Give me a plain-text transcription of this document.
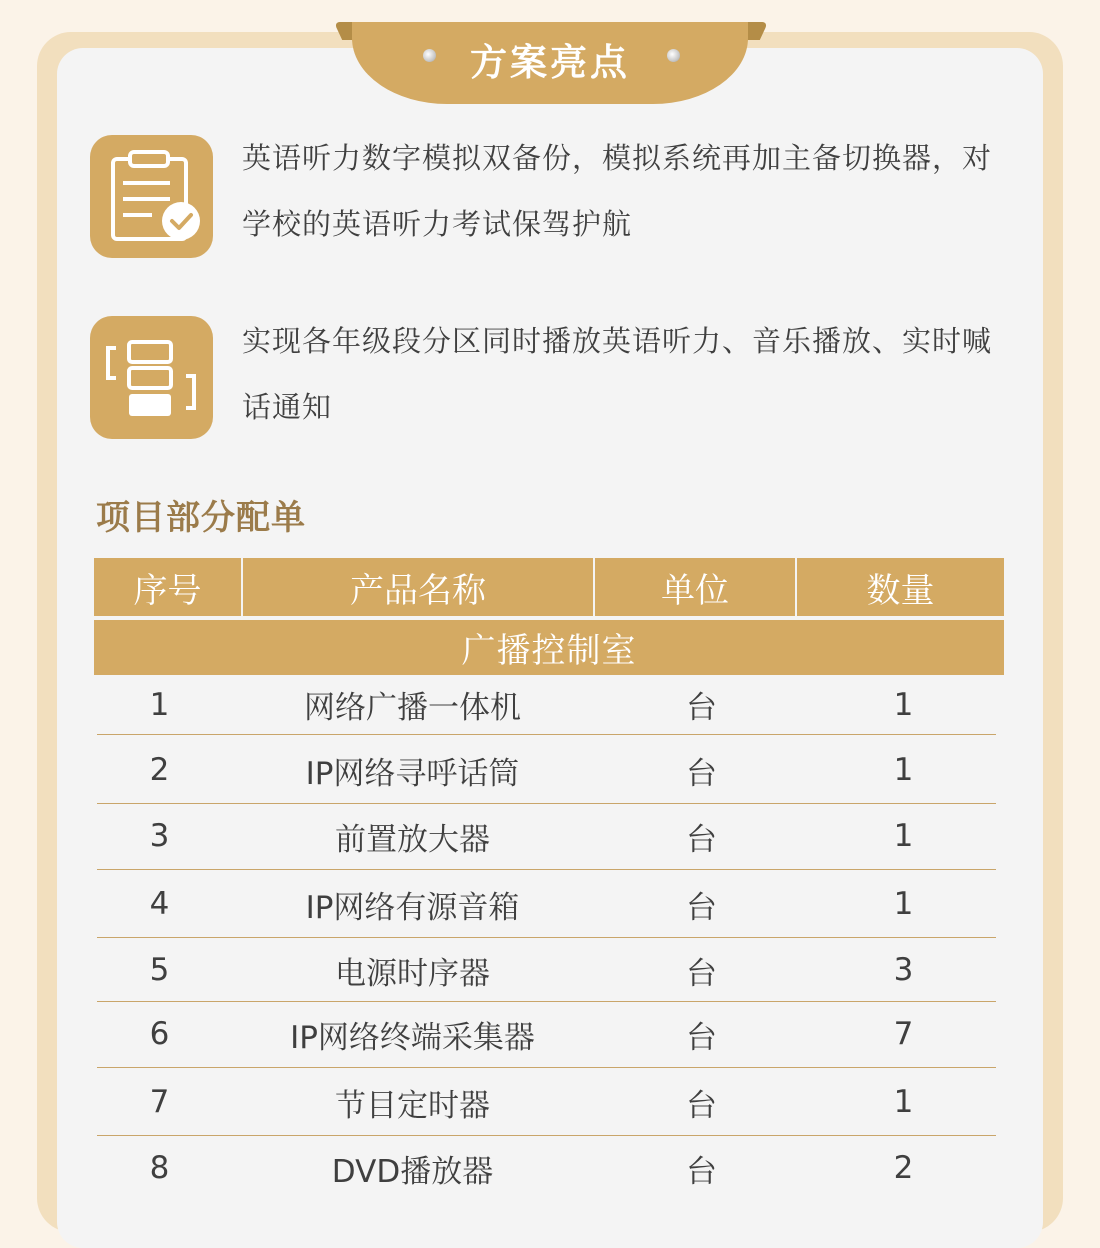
方案亮点
英语听力数字模拟双备份，模拟系统再加主备切换器，对学校的英语听力考试保驾护航
实现各年级段分区同时播放英语听力、音乐播放、实时喊话通知
项目部分配单
序号	产品名称	单位	数量
广播控制室
1	网络广播一体机	台	1
2	IP网络寻呼话筒	台	1
3	前置放大器	台	1
4	IP网络有源音箱	台	1
5	电源时序器	台	3
6	IP网络终端采集器	台	7
7	节目定时器	台	1
8	DVD播放器	台	2
